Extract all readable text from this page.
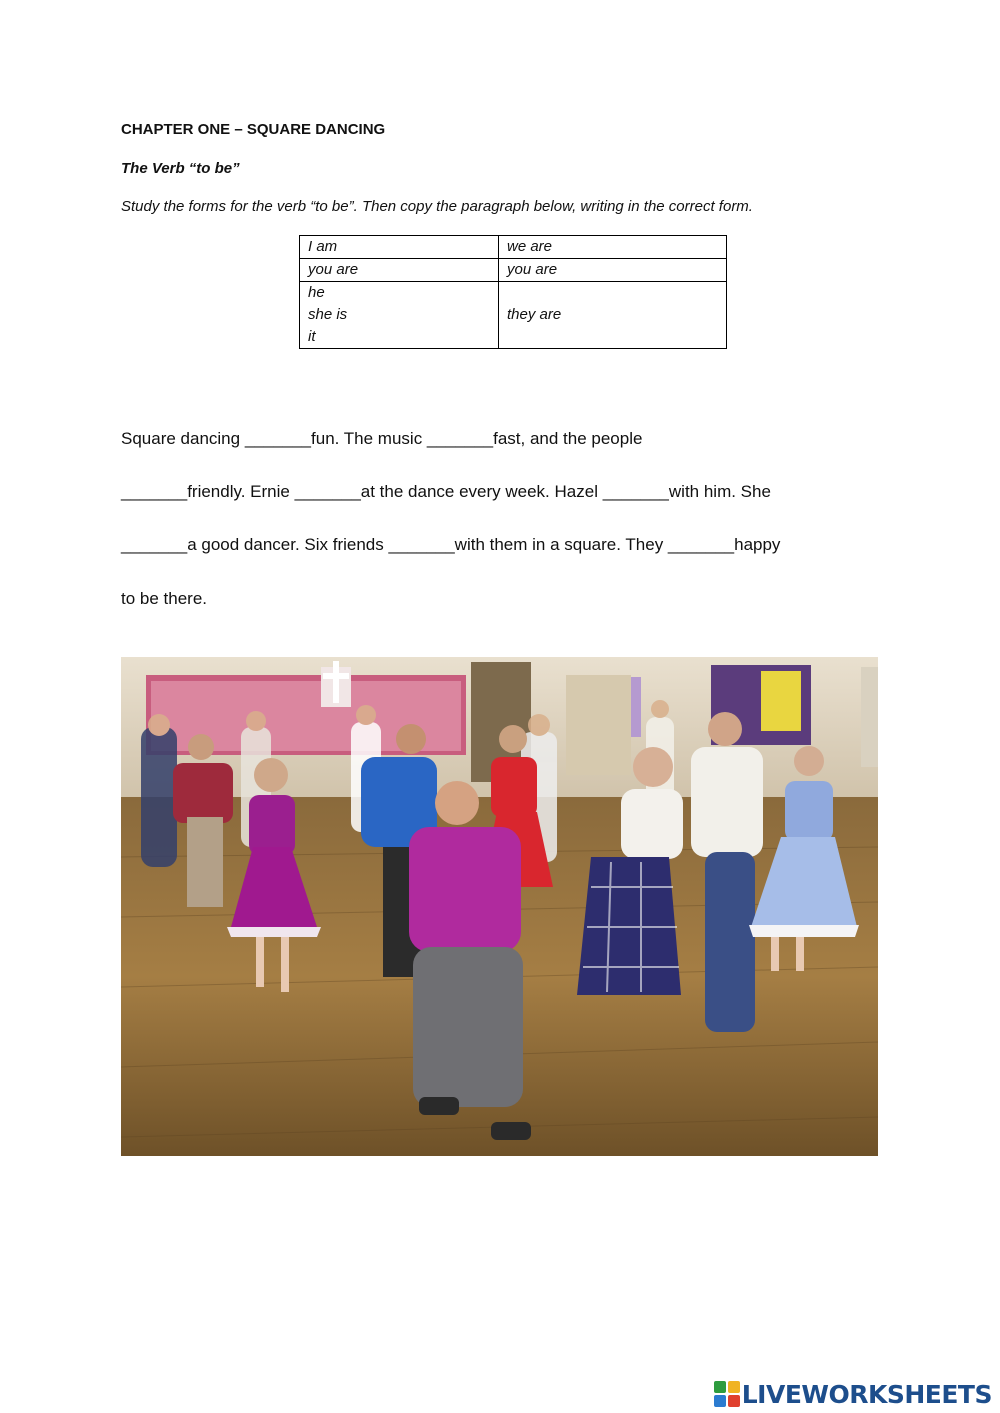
CHAPTER ONE – SQUARE DANCING
The Verb “to be”
Study the forms for the verb “to be”. Then copy the paragraph below, writing in the correct form.
I am	we are
you are	you are

he
she is
it	they are
Square dancing _______fun. The music _______fast, and the people
_______friendly. Ernie _______at the dance every week. Hazel _______with him. She
_______a good dancer. Six friends _______with them in a square. They _______happy
to be there.
LIVEWORKSHEETS
